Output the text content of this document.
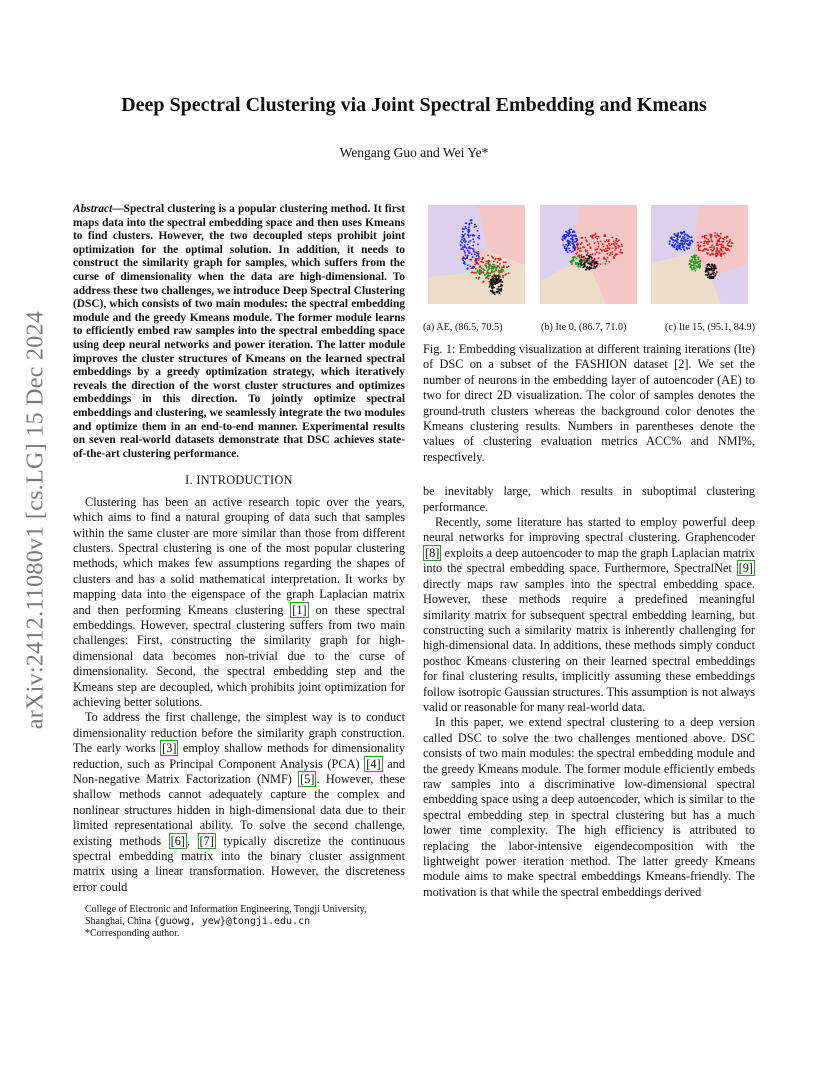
arXiv:2412.11080v1 [cs.LG] 15 Dec 2024
Deep Spectral Clustering via Joint Spectral Embedding and Kmeans
Wengang Guo and Wei Ye*

Abstract—Spectral clustering is a popular clustering method. It first maps data into the spectral embedding space and then uses Kmeans to find clusters. However, the two decoupled steps prohibit joint optimization for the optimal solution. In addition, it needs to construct the similarity graph for samples, which suffers from the curse of dimensionality when the data are high-dimensional. To address these two challenges, we introduce Deep Spectral Clustering (DSC), which consists of two main modules: the spectral embedding module and the greedy Kmeans module. The former module learns to efficiently embed raw samples into the spectral embedding space using deep neural networks and power iteration. The latter module improves the cluster structures of Kmeans on the learned spectral embeddings by a greedy optimization strategy, which iteratively reveals the direction of the worst cluster structures and optimizes embeddings in this direction. To jointly optimize spectral embeddings and clustering, we seamlessly integrate the two modules and optimize them in an end-to-end manner. Experimental results on seven real-world datasets demonstrate that DSC achieves state-of-the-art clustering performance.

I. INTRODUCTION

Clustering has been an active research topic over the years, which aims to find a natural grouping of data such that samples within the same cluster are more similar than those from different clusters. Spectral clustering is one of the most popular clustering methods, which makes few assumptions regarding the shapes of clusters and has a solid mathematical interpretation. It works by mapping data into the eigenspace of the graph Laplacian matrix and then performing Kmeans clustering [1] on these spectral embeddings. However, spectral clustering suffers from two main challenges: First, constructing the similarity graph for high-dimensional data becomes non-trivial due to the curse of dimensionality. Second, the spectral embedding step and the Kmeans step are decoupled, which prohibits joint optimization for achieving better solutions.

To address the first challenge, the simplest way is to conduct dimensionality reduction before the similarity graph construction. The early works [3] employ shallow methods for dimensionality reduction, such as Principal Component Analysis (PCA) [4] and Non-negative Matrix Factorization (NMF) [5] . However, these shallow methods cannot adequately capture the complex and nonlinear structures hidden in high-dimensional data due to their limited representational ability. To solve the second challenge, existing methods [6] , [7] typically discretize the continuous spectral embedding matrix into the binary cluster assignment matrix using a linear transformation. However, the discreteness error could

College of Electronic and Information Engineering, Tongji University, Shanghai, China {guowg, yew}@tongji.edu.cn
*Corresponding author.
(a) AE, (86.5, 70.5)	(b) Ite 0, (86.7, 71.0)	(c) Ite 15, (95.1, 84.9)
Fig. 1: Embedding visualization at different training iterations (Ite) of DSC on a subset of the FASHION dataset [2]. We set the number of neurons in the embedding layer of autoencoder (AE) to two for direct 2D visualization. The color of samples denotes the ground-truth clusters whereas the background color denotes the Kmeans clustering results. Numbers in parentheses denote the values of clustering evaluation metrics ACC% and NMI%, respectively.

be inevitably large, which results in suboptimal clustering performance.

Recently, some literature has started to employ powerful deep neural networks for improving spectral clustering. Graphencoder [8] exploits a deep autoencoder to map the graph Laplacian matrix into the spectral embedding space. Furthermore, SpectralNet [9] directly maps raw samples into the spectral embedding space. However, these methods require a predefined meaningful similarity matrix for subsequent spectral embedding learning, but constructing such a similarity matrix is inherently challenging for high-dimensional data. In additions, these methods simply conduct posthoc Kmeans clustering on their learned spectral embeddings for final clustering results, implicitly assuming these embeddings follow isotropic Gaussian structures. This assumption is not always valid or reasonable for many real-world data.

In this paper, we extend spectral clustering to a deep version called DSC to solve the two challenges mentioned above. DSC consists of two main modules: the spectral embedding module and the greedy Kmeans module. The former module efficiently embeds raw samples into a discriminative low-dimensional spectral embedding space using a deep autoencoder, which is similar to the spectral embedding step in spectral clustering but has a much lower time complexity. The high efficiency is attributed to replacing the labor-intensive eigendecomposition with the lightweight power iteration method. The latter greedy Kmeans module aims to make spectral embeddings Kmeans-friendly. The motivation is that while the spectral embeddings derived
